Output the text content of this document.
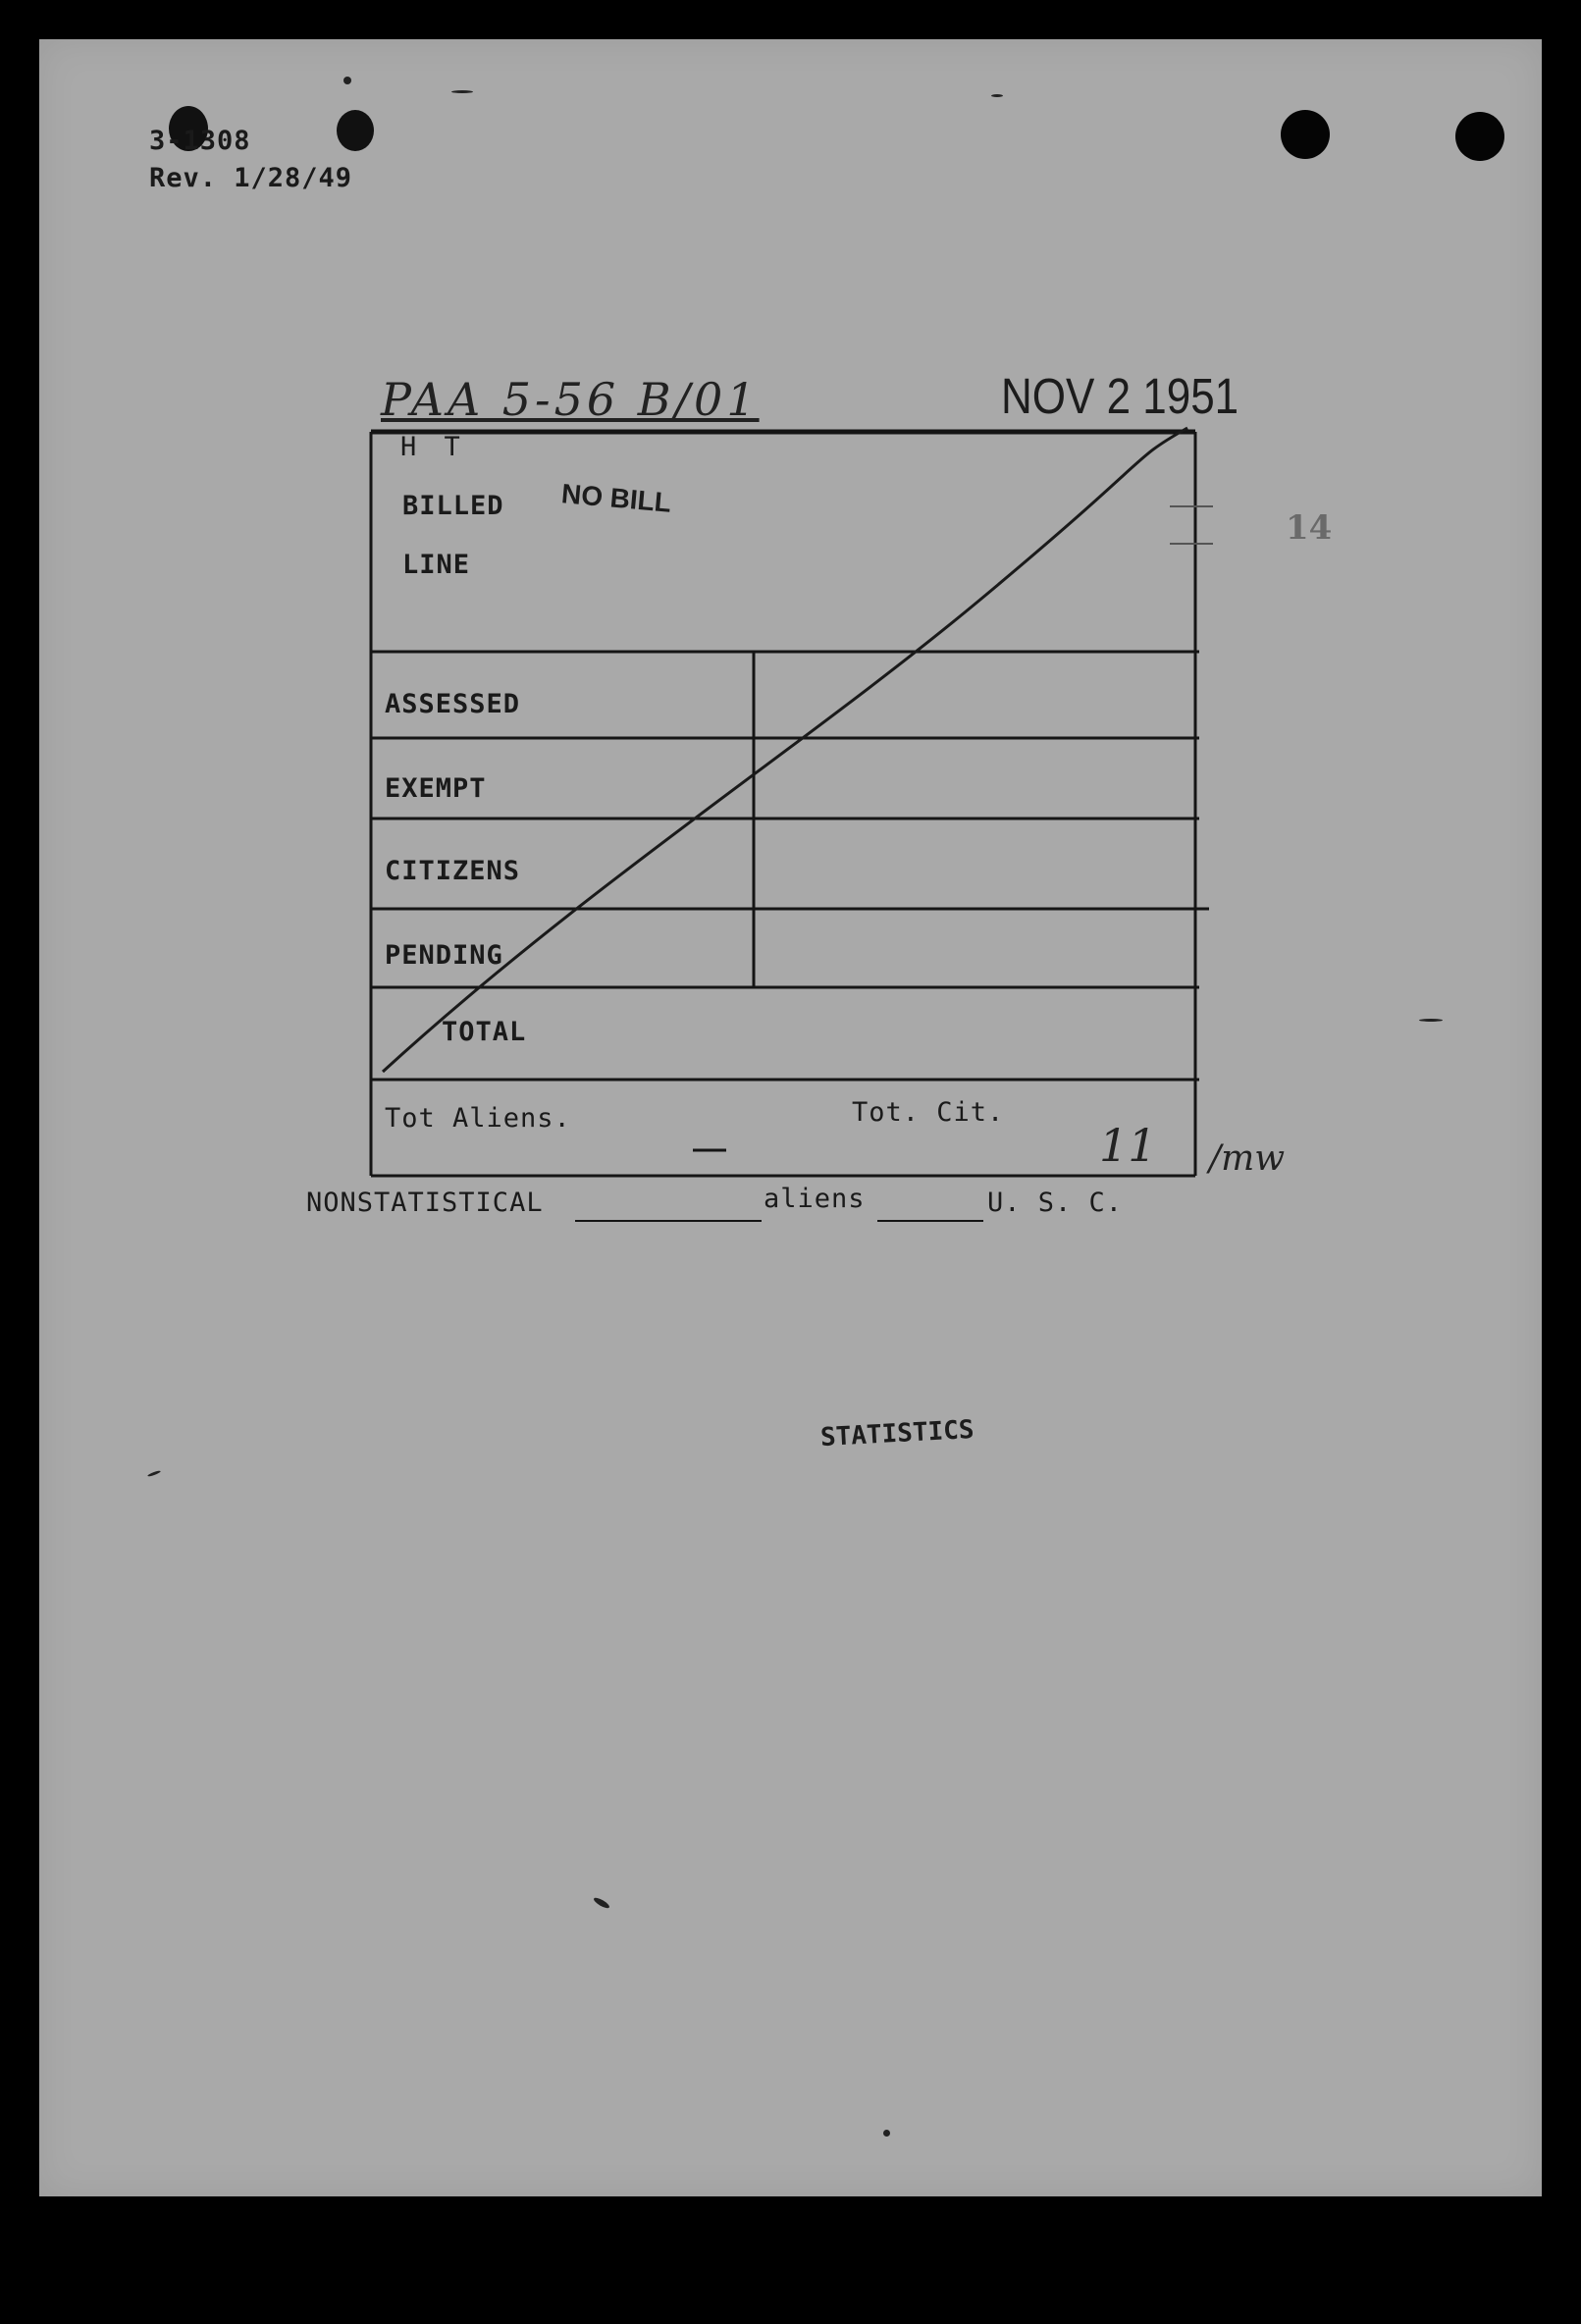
3-1308
Rev. 1/28/49
PAA 5-56 B/01	NOV 2 1951
14
H T
BILLED
LINE
NO BILL
ASSESSED
EXEMPT
CITIZENS
PENDING
TOTAL
Tot Aliens.	Tot. Cit.
11 /mw
NONSTATISTICAL	aliens	U. S. C.
STATISTICS
